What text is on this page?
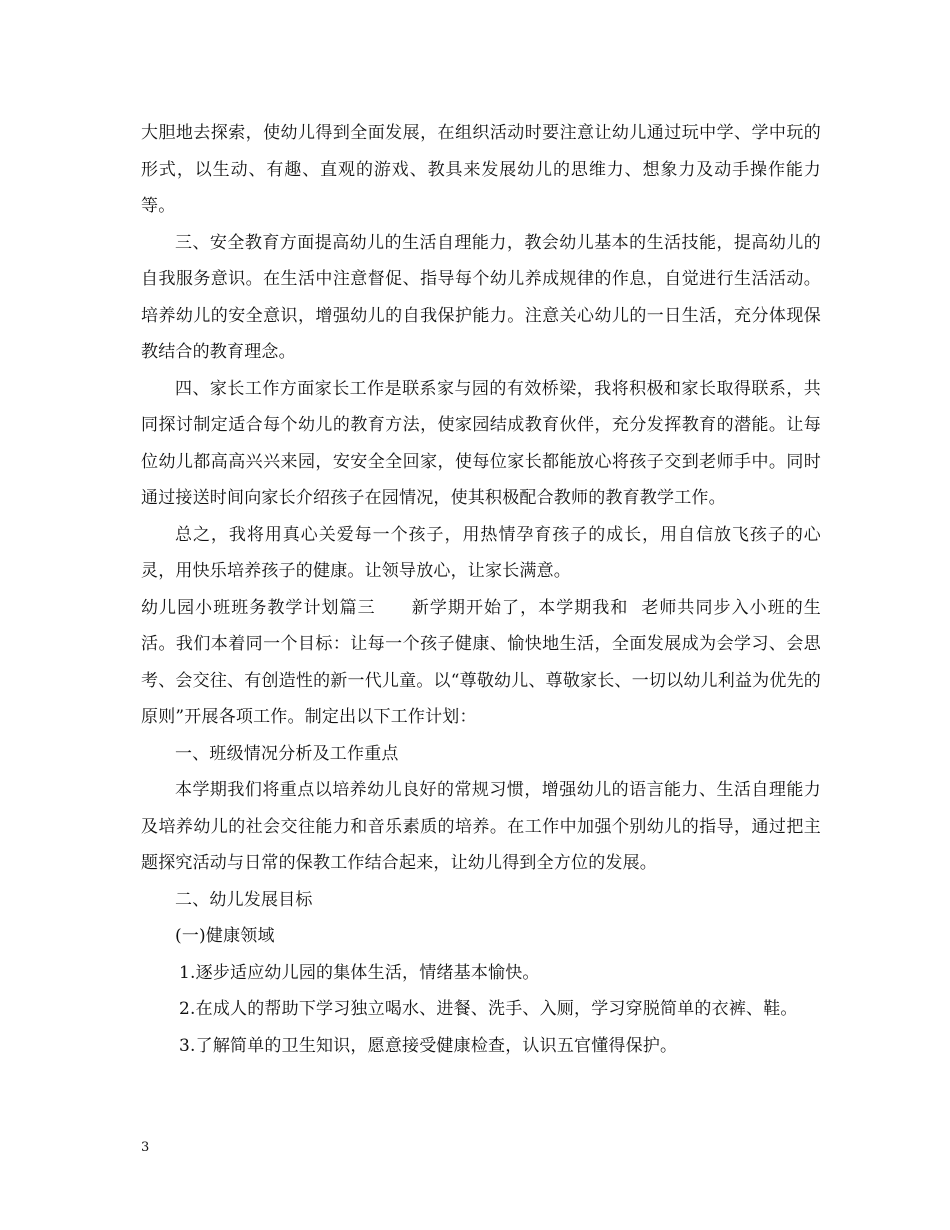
大胆地去探索，使幼儿得到全面发展，在组织活动时要注意让幼儿通过玩中学、学中玩的形式，以生动、有趣、直观的游戏、教具来发展幼儿的思维力、想象力及动手操作能力等。

三、安全教育方面提高幼儿的生活自理能力，教会幼儿基本的生活技能，提高幼儿的自我服务意识。在生活中注意督促、指导每个幼儿养成规律的作息，自觉进行生活活动。培养幼儿的安全意识，增强幼儿的自我保护能力。注意关心幼儿的一日生活，充分体现保教结合的教育理念。

四、家长工作方面家长工作是联系家与园的有效桥梁，我将积极和家长取得联系，共同探讨制定适合每个幼儿的教育方法，使家园结成教育伙伴，充分发挥教育的潜能。让每位幼儿都高高兴兴来园，安安全全回家，使每位家长都能放心将孩子交到老师手中。同时通过接送时间向家长介绍孩子在园情况，使其积极配合教师的教育教学工作。

总之，我将用真心关爱每一个孩子，用热情孕育孩子的成长，用自信放飞孩子的心灵，用快乐培养孩子的健康。让领导放心，让家长满意。

幼儿园小班班务教学计划篇三　　新学期开始了，本学期我和  老师共同步入小班的生活。我们本着同一个目标：让每一个孩子健康、愉快地生活，全面发展成为会学习、会思考、会交往、有创造性的新一代儿童。以“尊敬幼儿、尊敬家长、一切以幼儿利益为优先的原则”开展各项工作。制定出以下工作计划：

一、班级情况分析及工作重点

本学期我们将重点以培养幼儿良好的常规习惯，增强幼儿的语言能力、生活自理能力及培养幼儿的社会交往能力和音乐素质的培养。在工作中加强个别幼儿的指导，通过把主题探究活动与日常的保教工作结合起来，让幼儿得到全方位的发展。

二、幼儿发展目标

(一)健康领域

1.逐步适应幼儿园的集体生活，情绪基本愉快。

2.在成人的帮助下学习独立喝水、进餐、洗手、入厕，学习穿脱简单的衣裤、鞋。

3.了解简单的卫生知识，愿意接受健康检查，认识五官懂得保护。

3
